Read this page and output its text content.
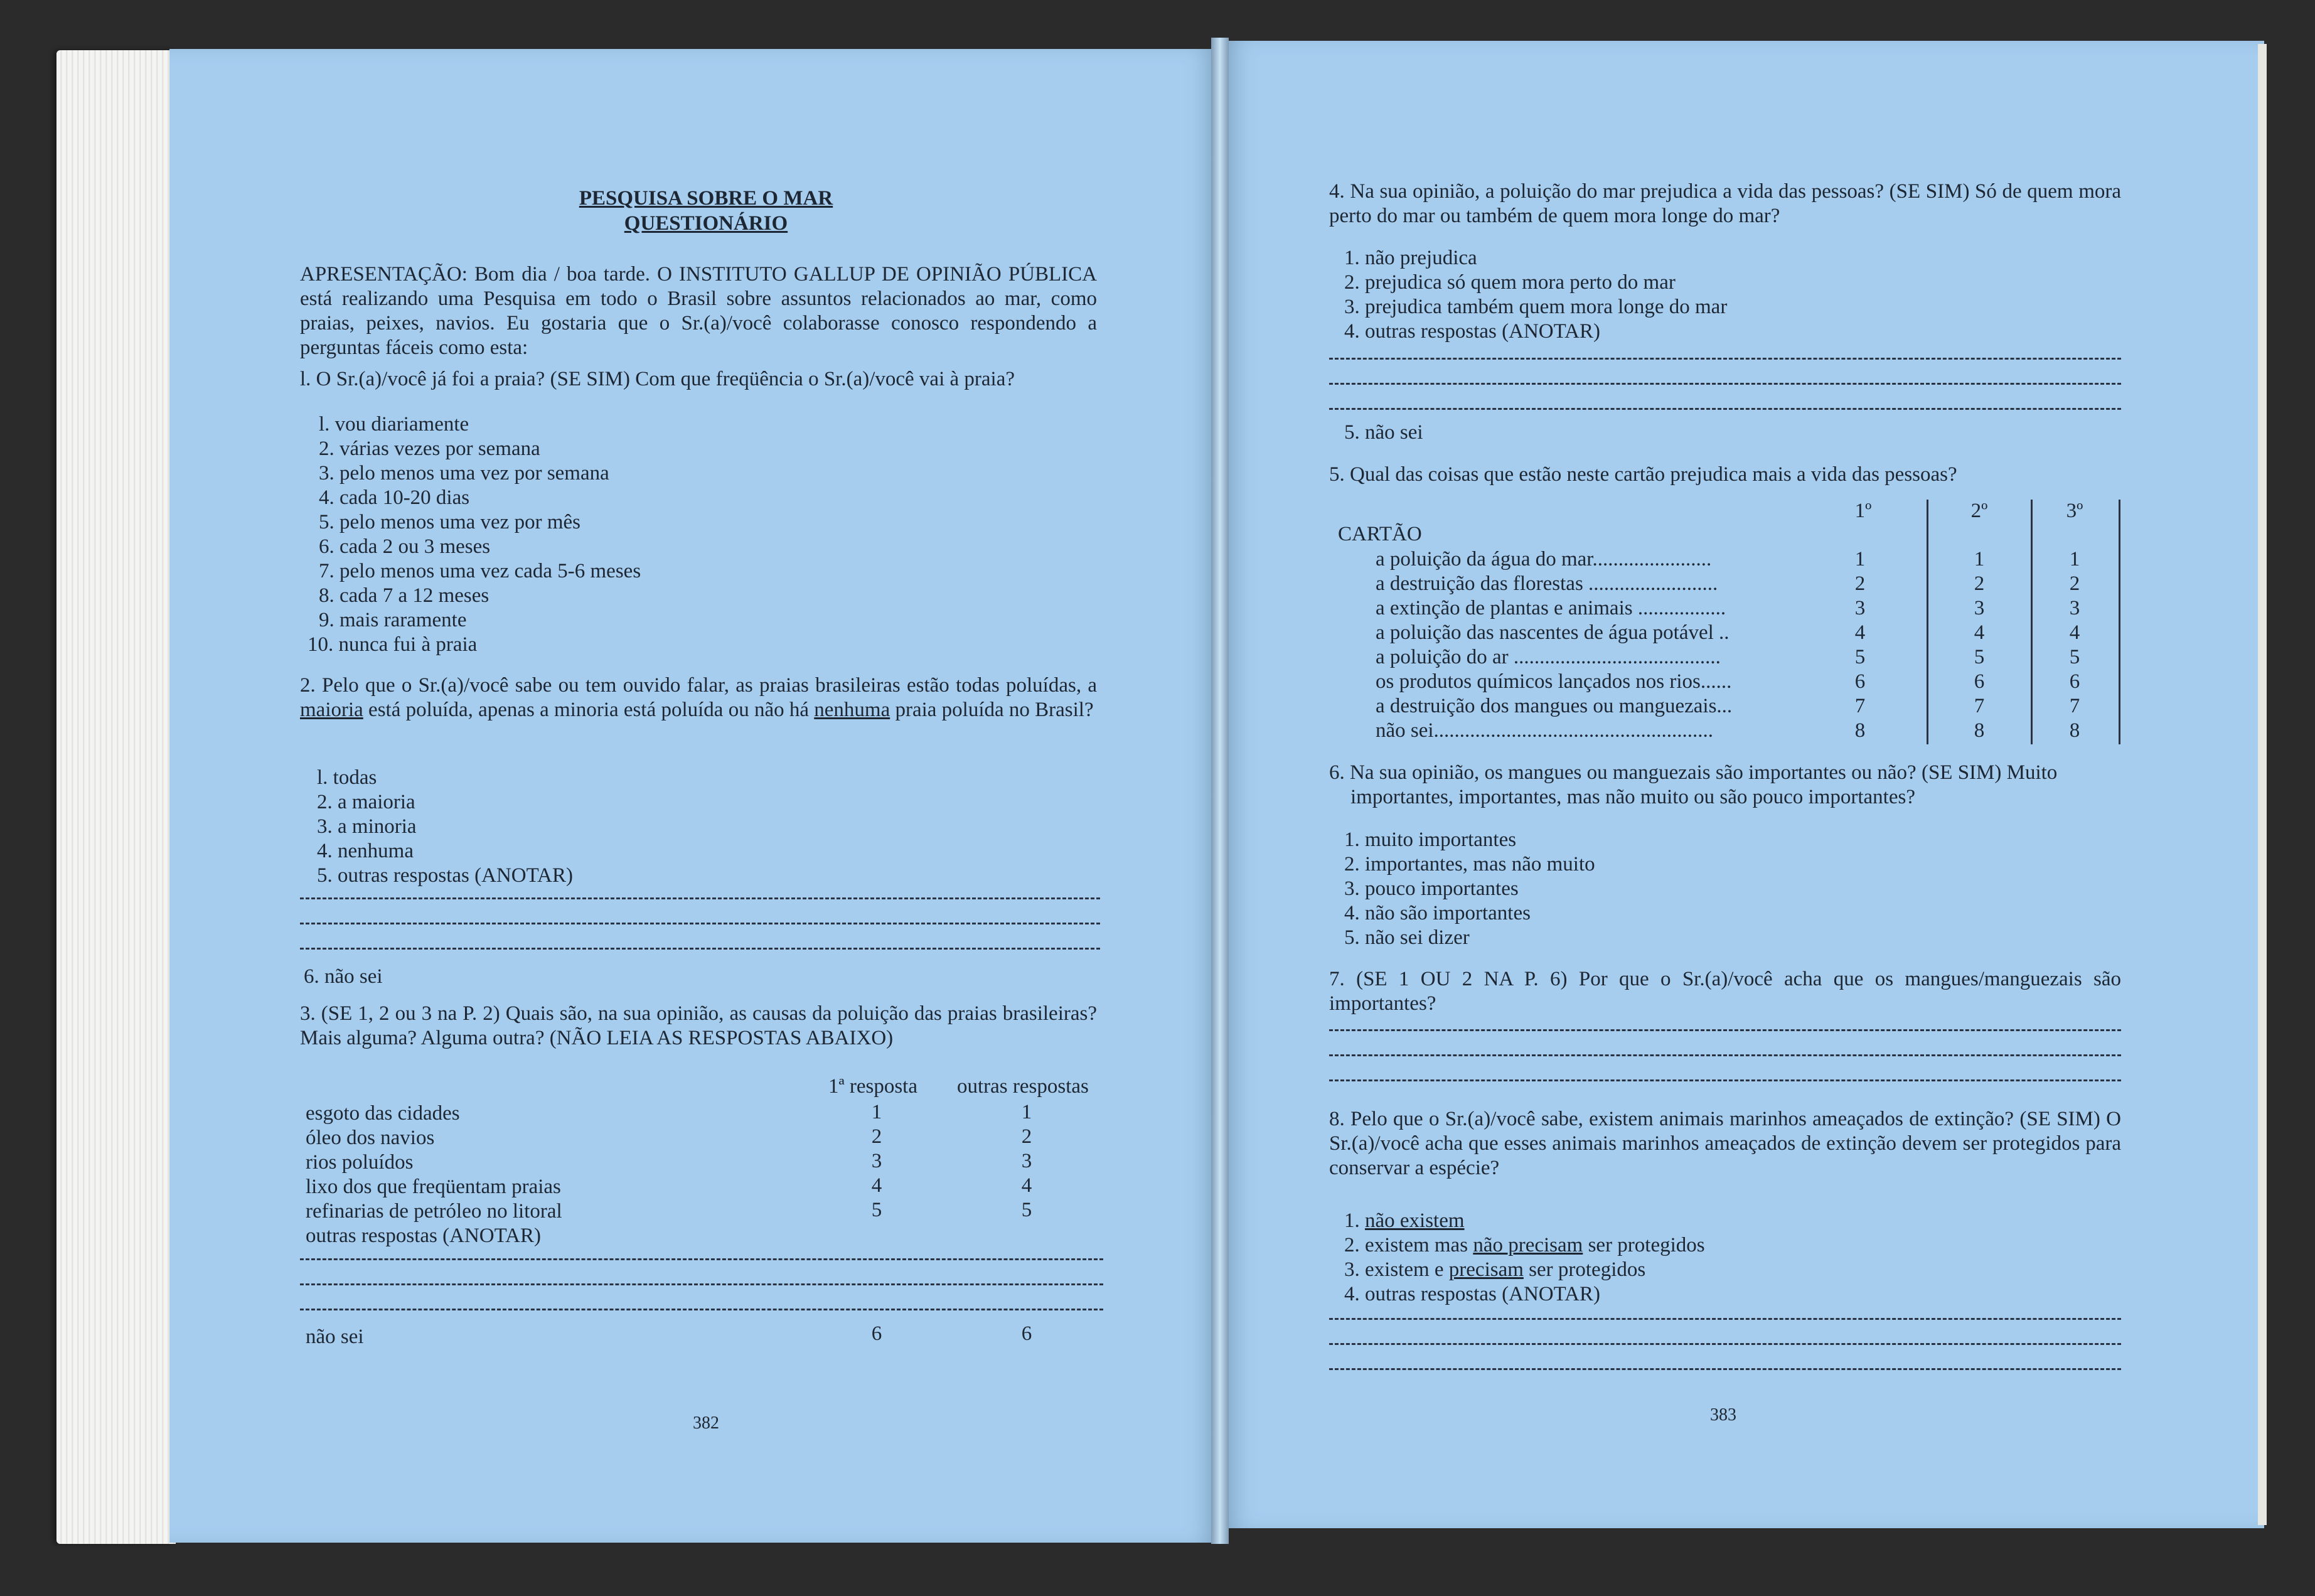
PESQUISA SOBRE O MAR
QUESTIONÁRIO
APRESENTAÇÃO: Bom dia / boa tarde. O INSTITUTO GALLUP DE OPINIÃO PÚBLICA está realizando uma Pesquisa em todo o Brasil sobre assuntos relacionados ao mar, como praias, peixes, navios. Eu gostaria que o Sr.(a)/você colaborasse conosco respondendo a perguntas fáceis como esta:
l. O Sr.(a)/você já foi a praia? (SE SIM) Com que freqüência o Sr.(a)/você vai à praia?
l. vou diariamente
2. várias vezes por semana
3. pelo menos uma vez por semana
4. cada 10-20 dias
5. pelo menos uma vez por mês
6. cada 2 ou 3 meses
7. pelo menos uma vez cada 5-6 meses
8. cada 7 a 12 meses
9. mais raramente
10. nunca fui à praia
2. Pelo que o Sr.(a)/você sabe ou tem ouvido falar, as praias brasileiras estão todas poluídas, a maioria está poluída, apenas a minoria está poluída ou não há nenhuma praia poluída no Brasil?
l. todas
2. a maioria
3. a minoria
4. nenhuma
5. outras respostas (ANOTAR)
6. não sei
3. (SE 1, 2 ou 3 na P. 2) Quais são, na sua opinião, as causas da poluição das praias brasileiras? Mais alguma? Alguma outra? (NÃO LEIA AS RESPOSTAS ABAIXO)
1ª resposta outras respostas
esgoto das cidades	1	1
óleo dos navios	2	2
rios poluídos	3	3
lixo dos que freqüentam praias	4	4
refinarias de petróleo no litoral	5	5
outras respostas (ANOTAR)
não sei	6	6
382
4. Na sua opinião, a poluição do mar prejudica a vida das pessoas? (SE SIM) Só de quem mora perto do mar ou também de quem mora longe do mar?
1. não prejudica
2. prejudica só quem mora perto do mar
3. prejudica também quem mora longe do mar
4. outras respostas (ANOTAR)
5. não sei
5. Qual das coisas que estão neste cartão prejudica mais a vida das pessoas?
1º	2º	3º
CARTÃO
a poluição da água do mar.......................	1	1	1
a destruição das florestas .........................	2	2	2
a extinção de plantas e animais .................	3	3	3
a poluição das nascentes de água potável ..	4	4	4
a poluição do ar ........................................	5	5	5
os produtos químicos lançados nos rios......	6	6	6
a destruição dos mangues ou manguezais...	7	7	7
não sei......................................................	8	8	8
6. Na sua opinião, os mangues ou manguezais são importantes ou não? (SE SIM) Muito
importantes, importantes, mas não muito ou são pouco importantes?
1. muito importantes
2. importantes, mas não muito
3. pouco importantes
4. não são importantes
5. não sei dizer
7. (SE 1 OU 2 NA P. 6) Por que o Sr.(a)/você acha que os mangues/manguezais são importantes?
8. Pelo que o Sr.(a)/você sabe, existem animais marinhos ameaçados de extinção? (SE SIM) O Sr.(a)/você acha que esses animais marinhos ameaçados de extinção devem ser protegidos para conservar a espécie?
1. não existem
2. existem mas não precisam ser protegidos
3. existem e precisam ser protegidos
4. outras respostas (ANOTAR)
383
